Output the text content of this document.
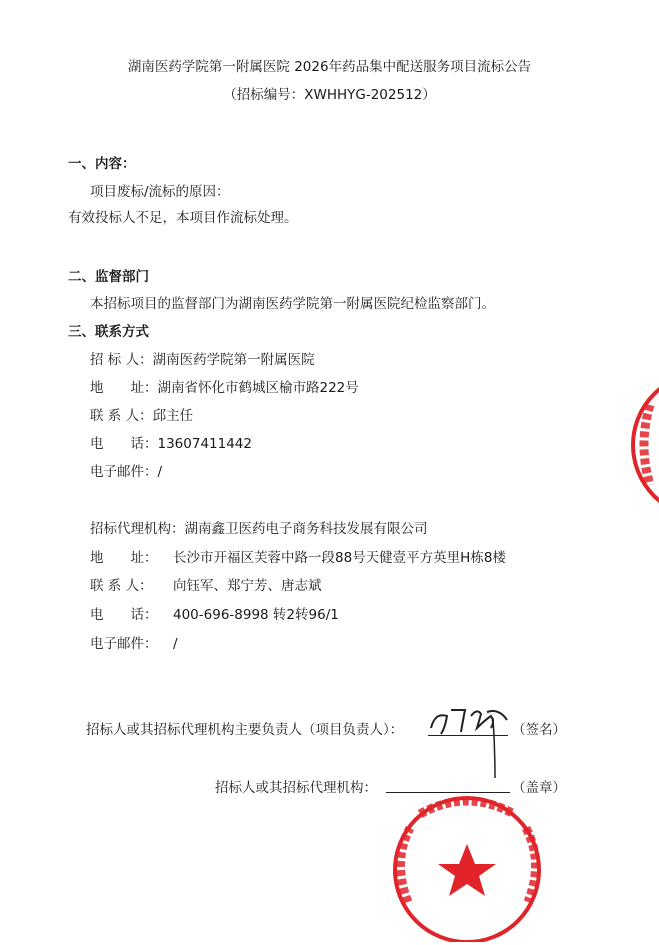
湖南医药学院第一附属医院 2026年药品集中配送服务项目流标公告
（招标编号：XWHHYG-202512）
一、内容：
项目废标/流标的原因：
有效投标人不足，本项目作流标处理。
二、监督部门
本招标项目的监督部门为湖南医药学院第一附属医院纪检监察部门。
三、联系方式
招 标 人：湖南医药学院第一附属医院
地　　址：湖南省怀化市鹤城区榆市路222号
联 系 人：邱主任
电　　话：13607411442
电子邮件：/
招标代理机构：湖南鑫卫医药电子商务科技发展有限公司
地　　址： 长沙市开福区芙蓉中路一段88号天健壹平方英里H栋8楼
联 系 人： 向钰军、郑宁芳、唐志斌
电　　话： 400-696-8998 转2转96/1
电子邮件： /
招标人或其招标代理机构主要负责人（项目负责人）：	（签名）
招标人或其招标代理机构：	（盖章）
